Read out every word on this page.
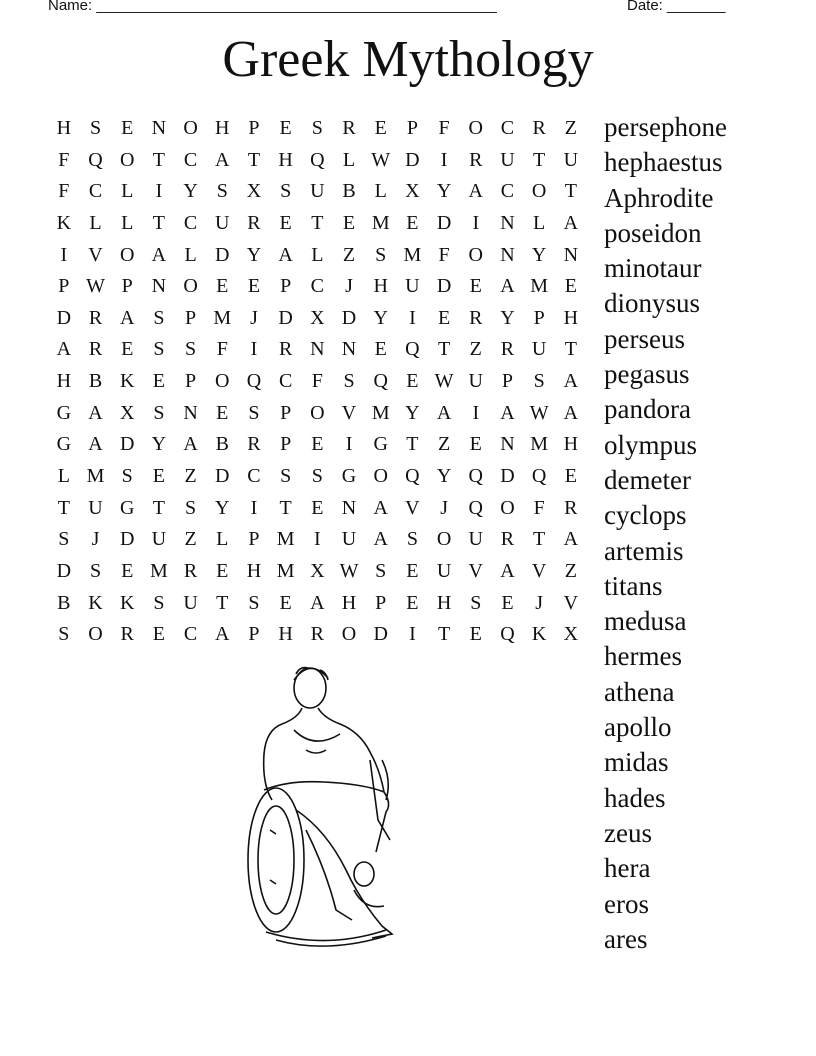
Name: ________________________________________________	Date: _______
Greek Mythology
H S	E N O H P	E	S R E	P	F O C R Z
F Q O T C A T H Q L W D	I	R U T U
F C L	I	Y S X S U B L X Y A C O T
K L L T C U R E T E M E D	I	N L A
I	V O A L D Y A L Z	S M F O N Y N
P W P N O E E	P C	J	H U D E A M E
D R A S	P M J	D X D Y	I	E R Y P H
A R E	S	S	F	I	R N N E Q T Z R U T
H B K E	P O Q C F	S Q E W U P	S A
G A X S N E	S	P O V M Y A	I	A W A
G A D Y A B R P	E	I	G T Z E N M H
L M S	E Z D C S	S G O Q Y Q D Q E
T U G T	S Y	I	T E N A V	J	Q O F R
S	J	D U Z L	P M I	U A S O U R T A
D S	E M R E H M X W S	E U V A V Z
B K K S U T	S	E A H P	E H S	E	J	V
S O R E C A P H R O D	I	T E Q K X
persephone
hephaestus
Aphrodite
poseidon
minotaur
dionysus
perseus
pegasus
pandora
olympus
demeter
cyclops
artemis
titans
medusa
hermes
athena
apollo
midas
hades
zeus
hera
eros
ares
